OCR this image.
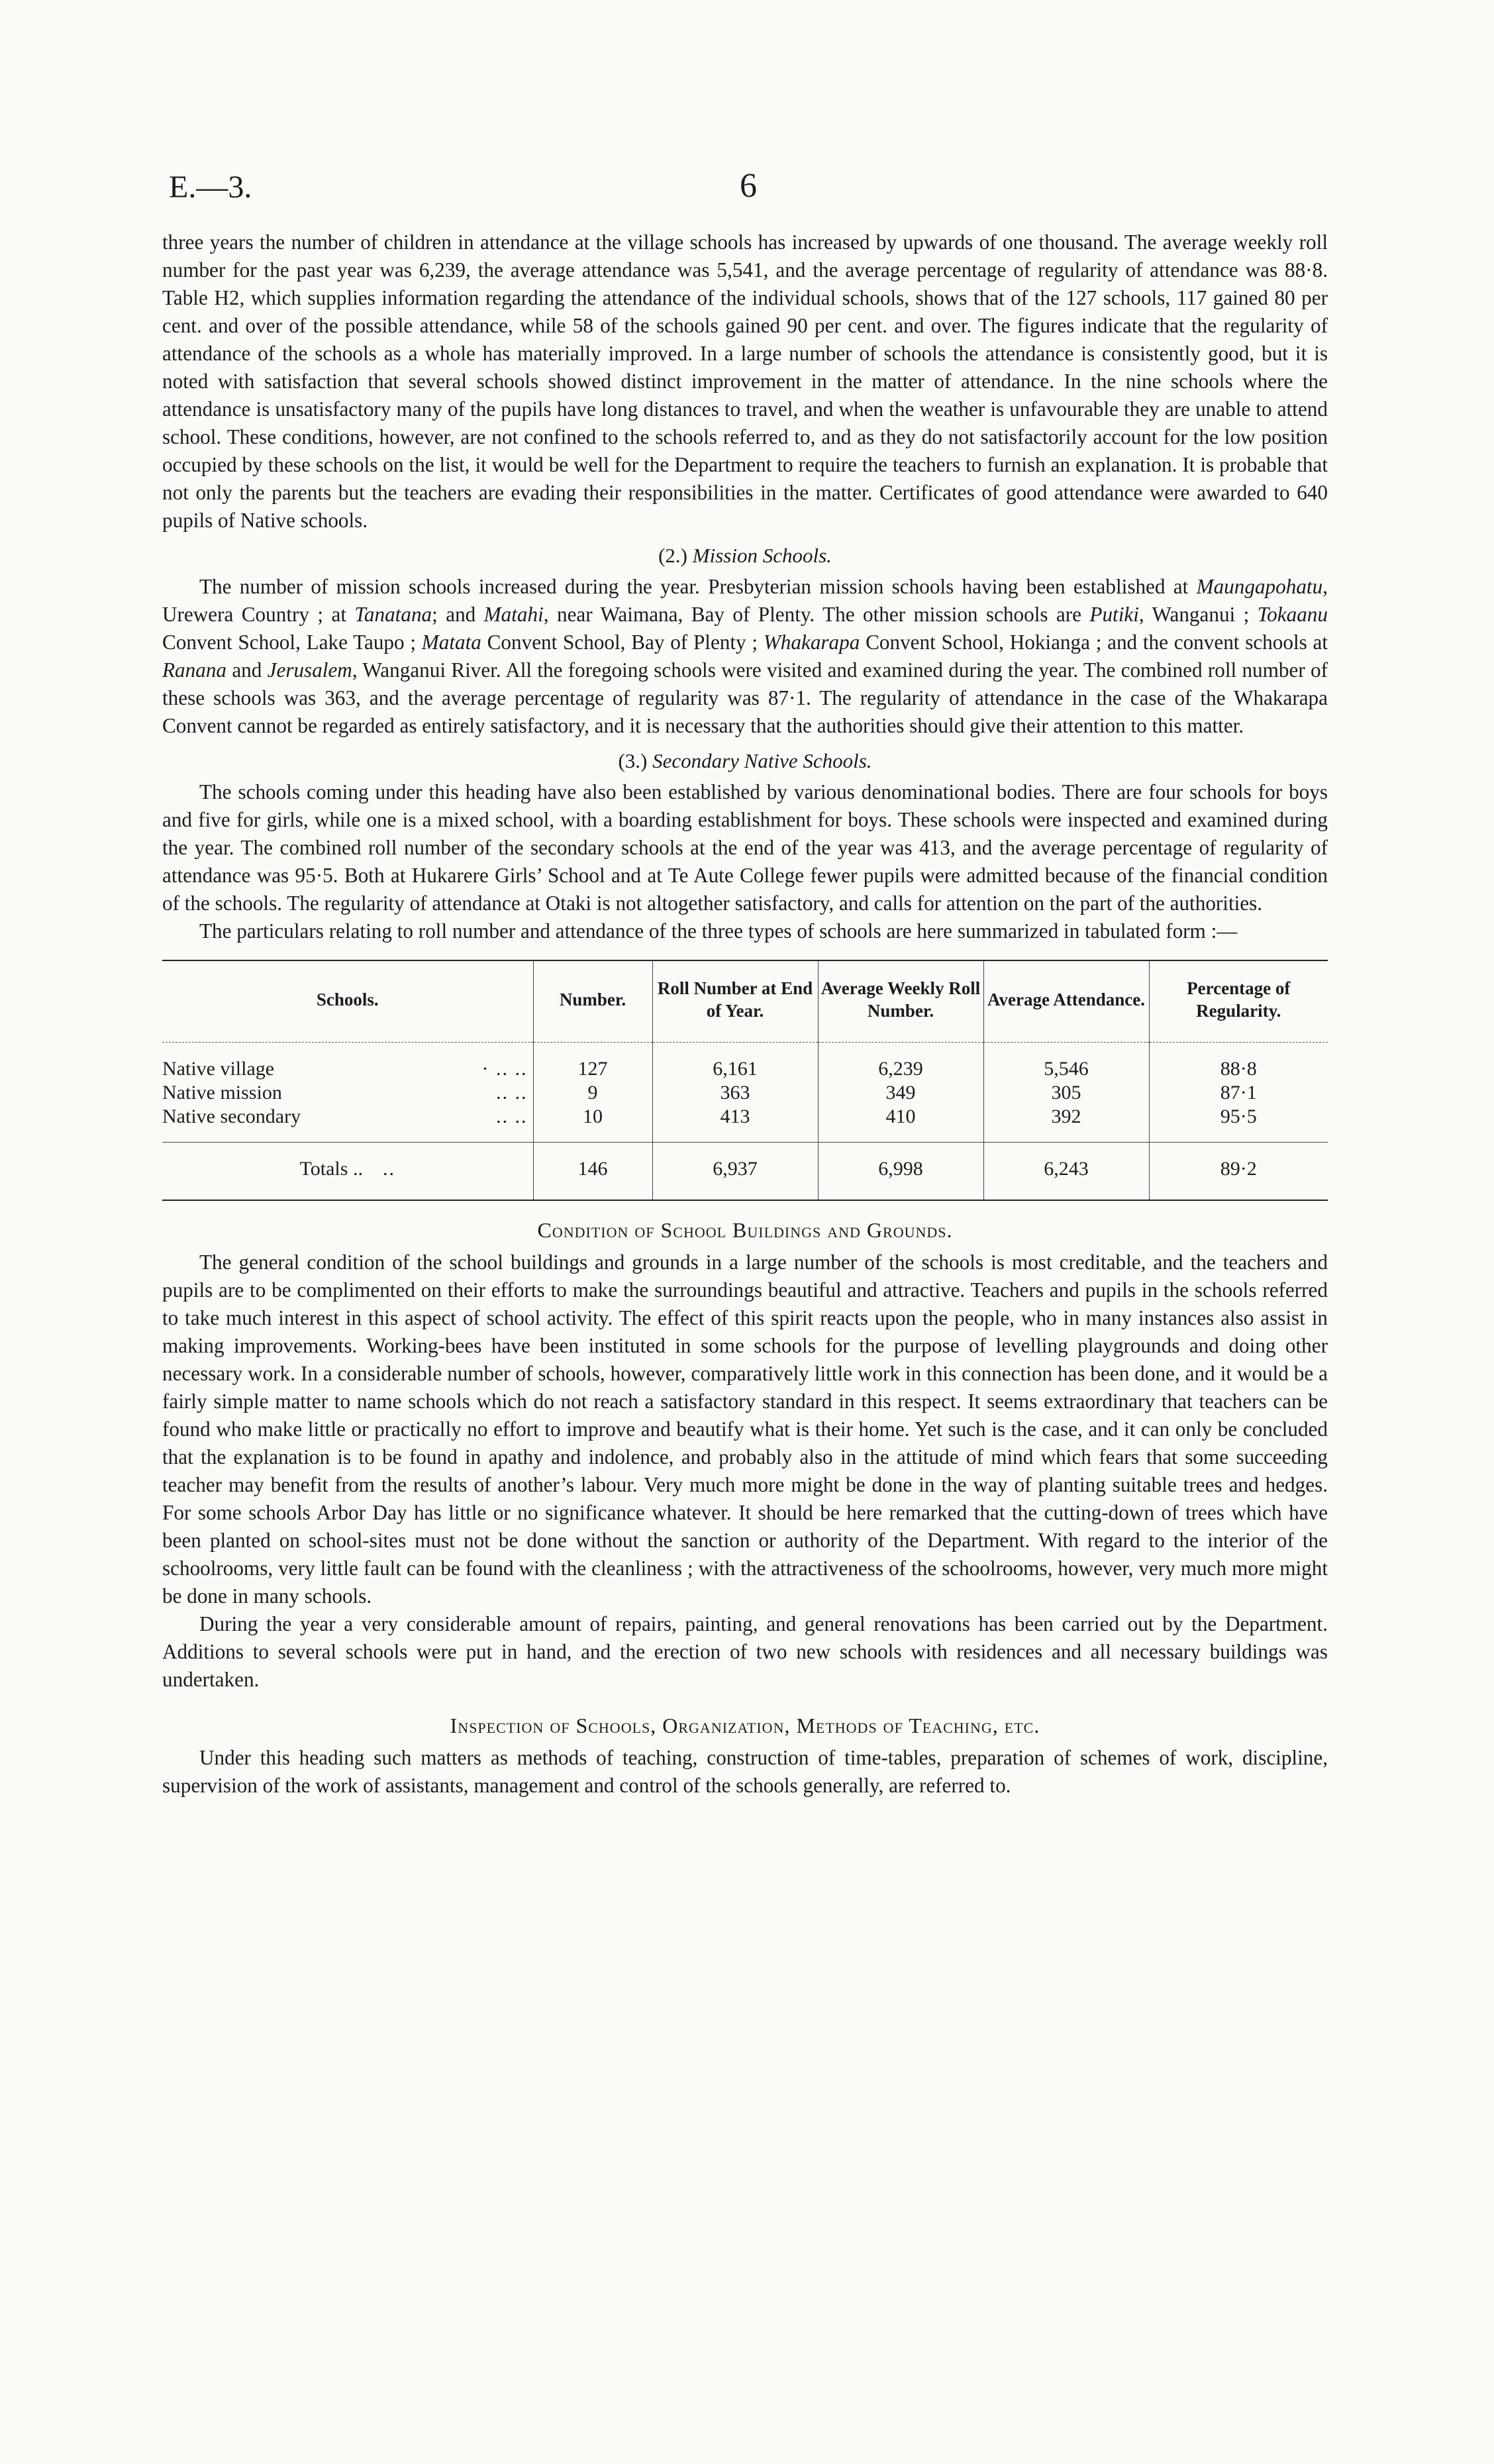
E.—3.	6

three years the number of children in attendance at the village schools has increased by upwards of one thousand. The average weekly roll number for the past year was 6,239, the average attendance was 5,541, and the average percentage of regularity of attendance was 88·8. Table H2, which supplies information regarding the attendance of the individual schools, shows that of the 127 schools, 117 gained 80 per cent. and over of the possible attendance, while 58 of the schools gained 90 per cent. and over. The figures indicate that the regularity of attendance of the schools as a whole has materially improved. In a large number of schools the attendance is consistently good, but it is noted with satisfaction that several schools showed distinct improvement in the matter of attendance. In the nine schools where the attendance is unsatisfactory many of the pupils have long distances to travel, and when the weather is unfavourable they are unable to attend school. These conditions, however, are not confined to the schools referred to, and as they do not satisfactorily account for the low position occupied by these schools on the list, it would be well for the Department to require the teachers to furnish an explanation. It is probable that not only the parents but the teachers are evading their responsibilities in the matter. Certificates of good attendance were awarded to 640 pupils of Native schools.

(2.) Mission Schools.

The number of mission schools increased during the year. Presbyterian mission schools having been established at Maungapohatu, Urewera Country ; at Tanatana; and Matahi, near Waimana, Bay of Plenty. The other mission schools are Putiki, Wanganui ; Tokaanu Convent School, Lake Taupo ; Matata Convent School, Bay of Plenty ; Whakarapa Convent School, Hokianga ; and the convent schools at Ranana and Jerusalem, Wanganui River. All the foregoing schools were visited and examined during the year. The combined roll number of these schools was 363, and the average percentage of regularity was 87·1. The regularity of attendance in the case of the Whakarapa Convent cannot be regarded as entirely satisfactory, and it is necessary that the authorities should give their attention to this matter.

(3.) Secondary Native Schools.

The schools coming under this heading have also been established by various denominational bodies. There are four schools for boys and five for girls, while one is a mixed school, with a boarding establishment for boys. These schools were inspected and examined during the year. The combined roll number of the secondary schools at the end of the year was 413, and the average percentage of regularity of attendance was 95·5. Both at Hukarere Girls’ School and at Te Aute College fewer pupils were admitted because of the financial condition of the schools. The regularity of attendance at Otaki is not altogether satisfactory, and calls for attention on the part of the authorities.

The particulars relating to roll number and attendance of the three types of schools are here summarized in tabulated form :—

Schools.	Number.	Roll Number at End of Year.	Average Weekly Roll Number.	Average Attendance.	Percentage of Regularity.
Native village · .. ..	127	6,161	6,239	5,546	88·8
Native mission .. ..	9	363	349	305	87·1
Native secondary .. ..	10	413	410	392	95·5
Totals .. ..	146	6,937	6,998	6,243	89·2
Condition of School Buildings and Grounds.

The general condition of the school buildings and grounds in a large number of the schools is most creditable, and the teachers and pupils are to be complimented on their efforts to make the surroundings beautiful and attractive. Teachers and pupils in the schools referred to take much interest in this aspect of school activity. The effect of this spirit reacts upon the people, who in many instances also assist in making improvements. Working-bees have been instituted in some schools for the purpose of levelling playgrounds and doing other necessary work. In a considerable number of schools, however, comparatively little work in this connection has been done, and it would be a fairly simple matter to name schools which do not reach a satisfactory standard in this respect. It seems extraordinary that teachers can be found who make little or practically no effort to improve and beautify what is their home. Yet such is the case, and it can only be concluded that the explanation is to be found in apathy and indolence, and probably also in the attitude of mind which fears that some succeeding teacher may benefit from the results of another’s labour. Very much more might be done in the way of planting suitable trees and hedges. For some schools Arbor Day has little or no significance whatever. It should be here remarked that the cutting-down of trees which have been planted on school-sites must not be done without the sanction or authority of the Department. With regard to the interior of the schoolrooms, very little fault can be found with the cleanliness ; with the attractiveness of the schoolrooms, however, very much more might be done in many schools.

During the year a very considerable amount of repairs, painting, and general renovations has been carried out by the Department. Additions to several schools were put in hand, and the erection of two new schools with residences and all necessary buildings was undertaken.

Inspection of Schools, Organization, Methods of Teaching, etc.

Under this heading such matters as methods of teaching, construction of time-tables, preparation of schemes of work, discipline, supervision of the work of assistants, management and control of the schools generally, are referred to.
